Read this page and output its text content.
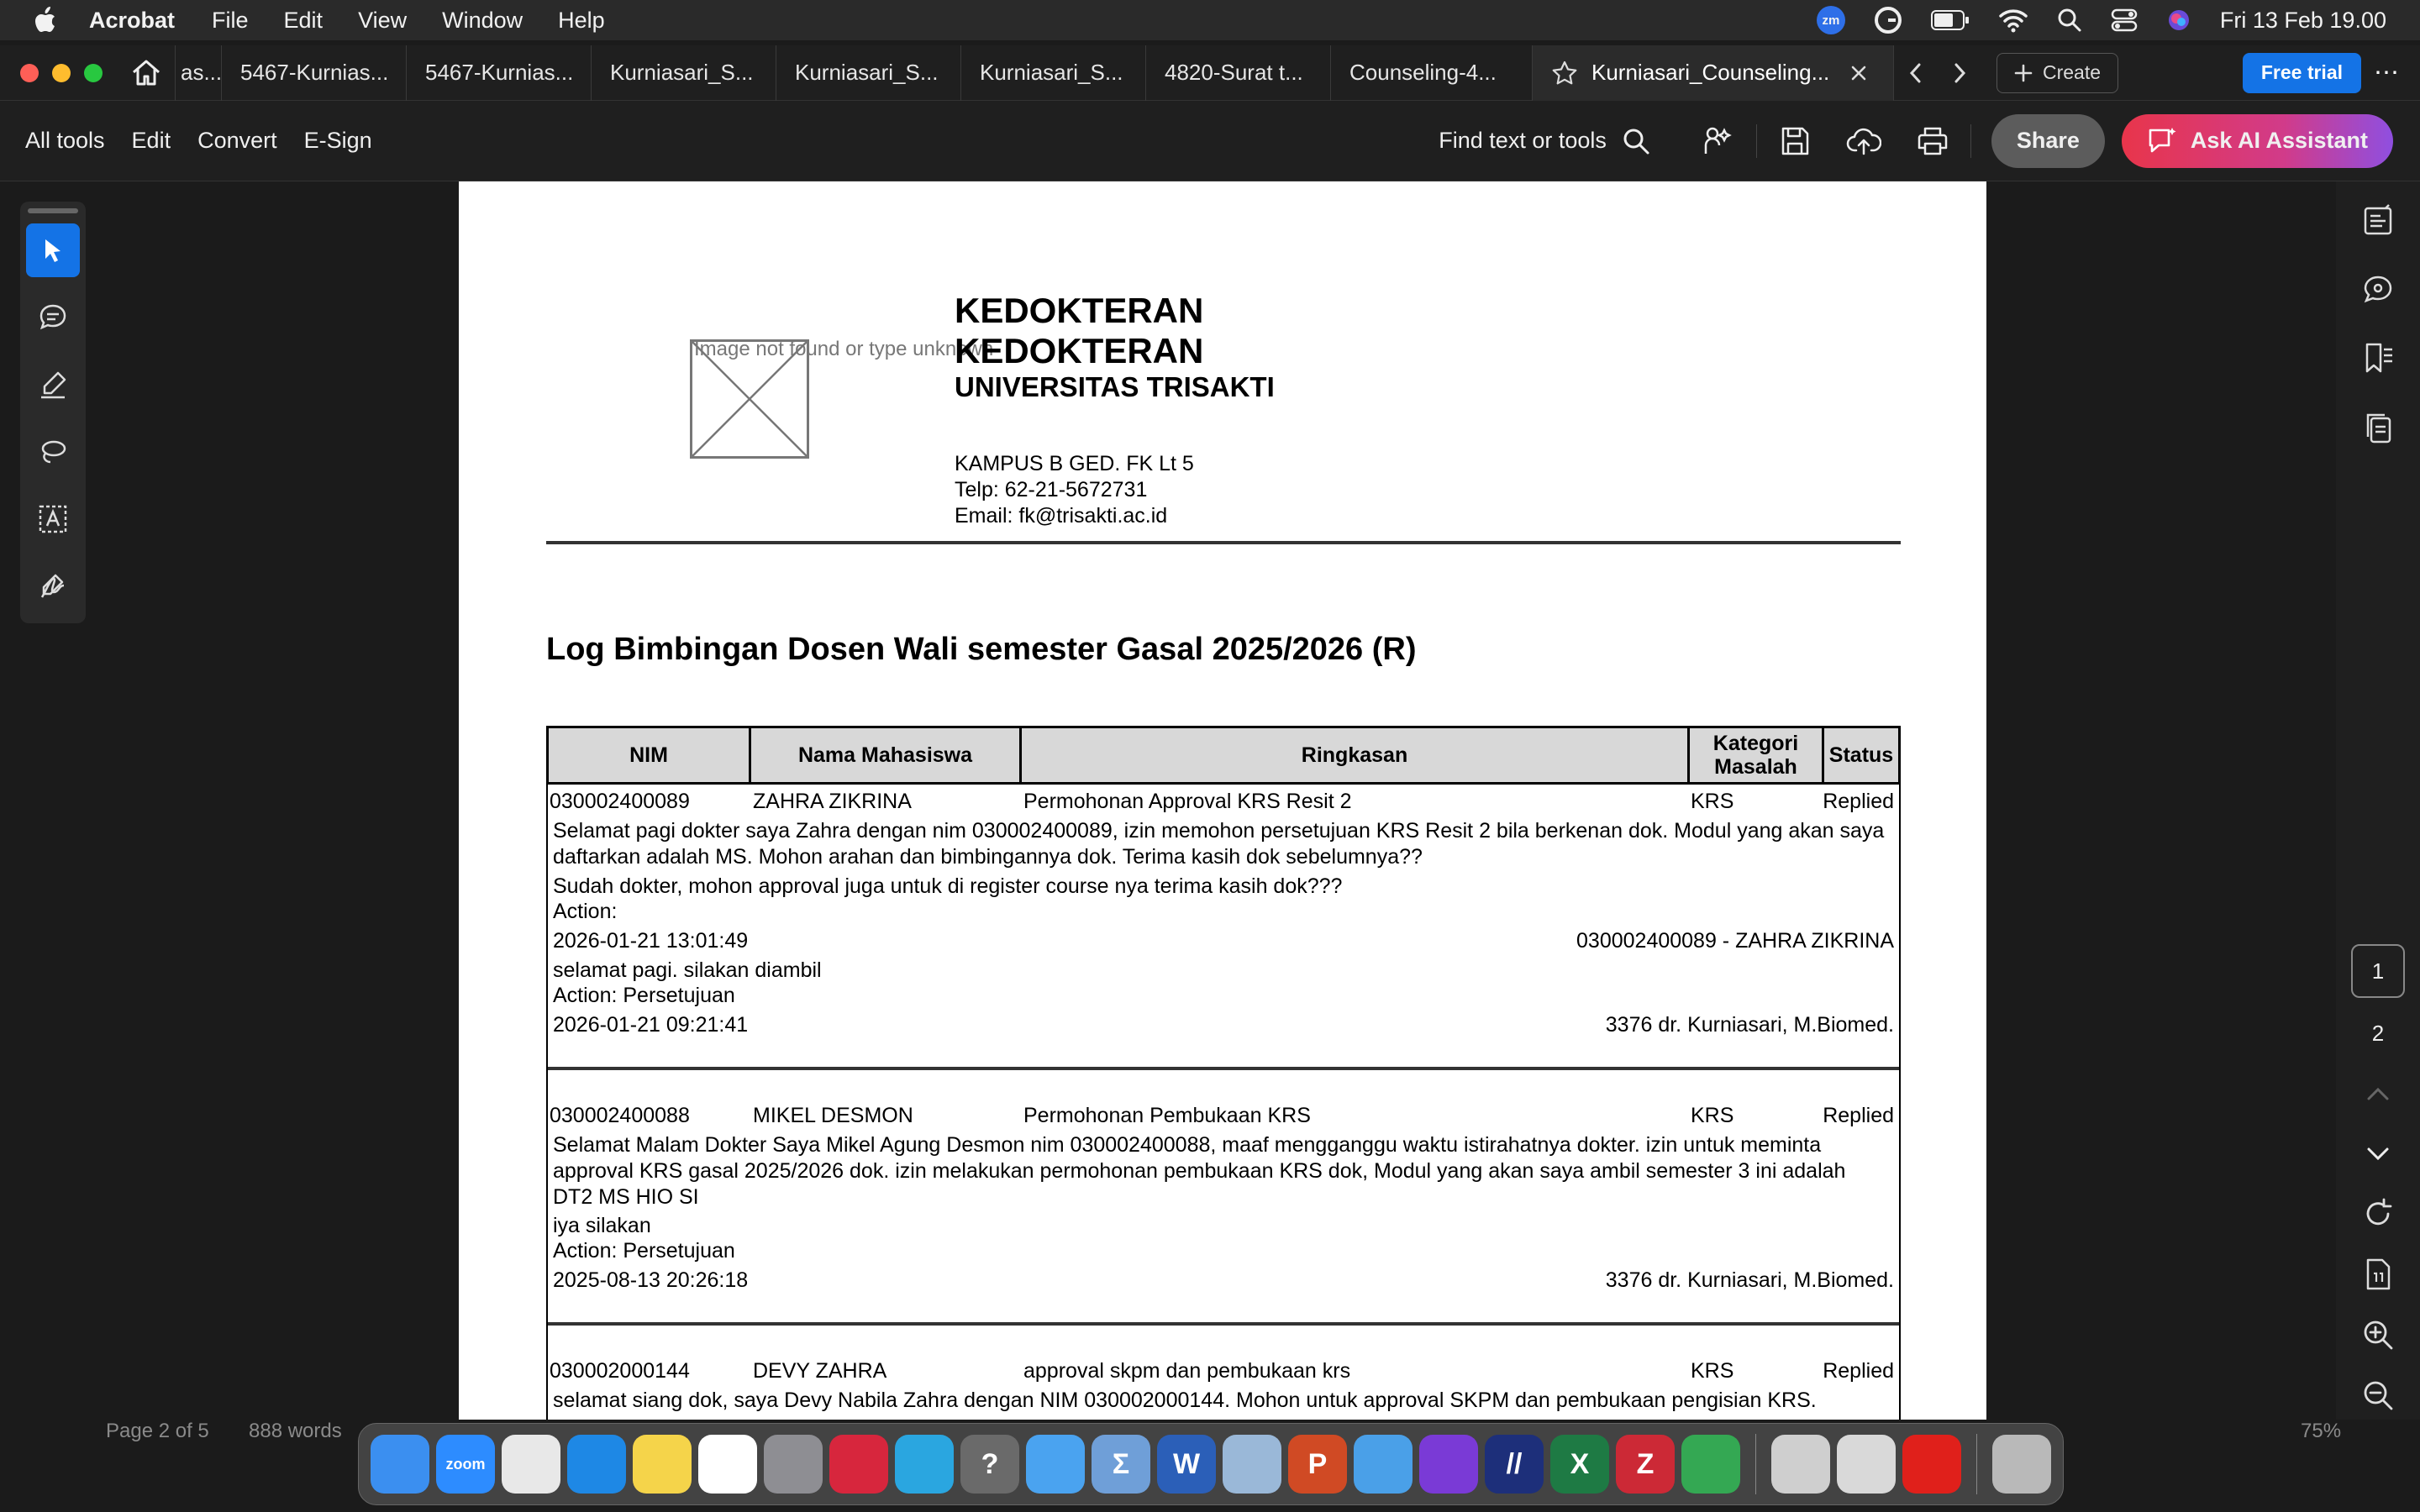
Acrobat File Edit View Window Help	zm	Fri 13 Feb 19.00
as... 5467-Kurnias... 5467-Kurnias... Kurniasari_S... Kurniasari_S... Kurniasari_S... 4820-Surat t... Counseling-4...	Kurniasari_Counseling...	Create	Free trial	⋯
All tools Edit Convert E-Sign	Find text or tools	Share	Ask AI Assistant
1
2
Image not found or type unknown
KEDOKTERAN
KEDOKTERAN
UNIVERSITAS TRISAKTI
KAMPUS B GED. FK Lt 5
Telp: 62-21-5672731
Email: fk@trisakti.ac.id
Log Bimbingan Dosen Wali semester Gasal 2025/2026 (R)
NIM	Nama Mahasiswa	Ringkasan	Kategori Masalah	Status
030002400089	ZAHRA ZIKRINA	Permohonan Approval KRS Resit 2	KRS	Replied
Selamat pagi dokter saya Zahra dengan nim 030002400089, izin memohon persetujuan KRS Resit 2 bila berkenan dok. Modul yang akan saya daftarkan adalah MS. Mohon arahan dan bimbingannya dok. Terima kasih dok sebelumnya??
Sudah dokter, mohon approval juga untuk di register course nya terima kasih dok???
Action:
2026-01-21 13:01:49	030002400089 - ZAHRA ZIKRINA
selamat pagi. silakan diambil
Action: Persetujuan
2026-01-21 09:21:41	3376 dr. Kurniasari, M.Biomed.
030002400088	MIKEL DESMON	Permohonan Pembukaan KRS	KRS	Replied
Selamat Malam Dokter Saya Mikel Agung Desmon nim 030002400088, maaf mengganggu waktu istirahatnya dokter. izin untuk meminta approval KRS gasal 2025/2026 dok. izin melakukan permohonan pembukaan KRS dok, Modul yang akan saya ambil semester 3 ini adalah DT2 MS HIO SI
iya silakan
Action: Persetujuan
2025-08-13 20:26:18	3376 dr. Kurniasari, M.Biomed.
030002000144	DEVY ZAHRA	approval skpm dan pembukaan krs	KRS	Replied
selamat siang dok, saya Devy Nabila Zahra dengan NIM 030002000144. Mohon untuk approval SKPM dan pembukaan pengisian KRS.
Page 2 of 5 888 words	75%
zoom	?	Σ	W	P	//	X	Z
